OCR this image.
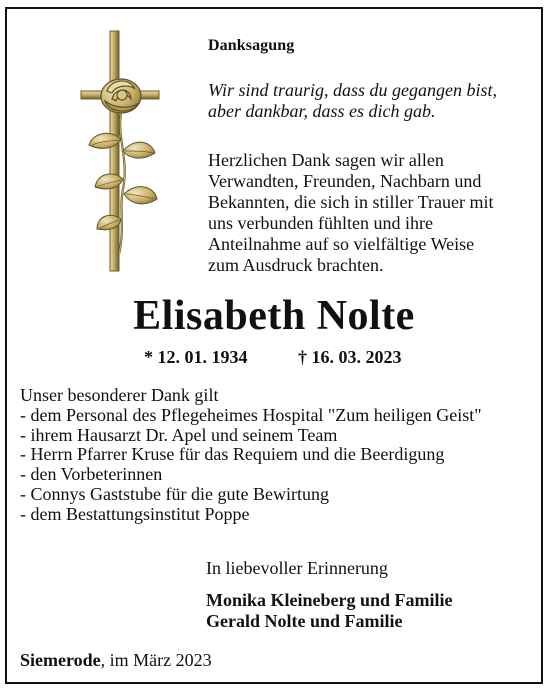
Danksagung

Wir sind traurig, dass du gegangen bist,
aber dankbar, dass es dich gab.

Herzlichen Dank sagen wir allen
Verwandten, Freunden, Nachbarn und
Bekannten, die sich in stiller Trauer mit
uns verbunden fühlten und ihre
Anteilnahme auf so vielfältige Weise
zum Ausdruck brachten.

Elisabeth Nolte

* 12. 01. 1934	† 16. 03. 2023

Unser besonderer Dank gilt
- dem Personal des Pflegeheimes Hospital "Zum heiligen Geist"
- ihrem Hausarzt Dr. Apel und seinem Team
- Herrn Pfarrer Kruse für das Requiem und die Beerdigung
- den Vorbeterinnen
- Connys Gaststube für die gute Bewirtung
- dem Bestattungsinstitut Poppe

In liebevoller Erinnerung

Monika Kleineberg und Familie
Gerald Nolte und Familie

Siemerode, im März 2023
